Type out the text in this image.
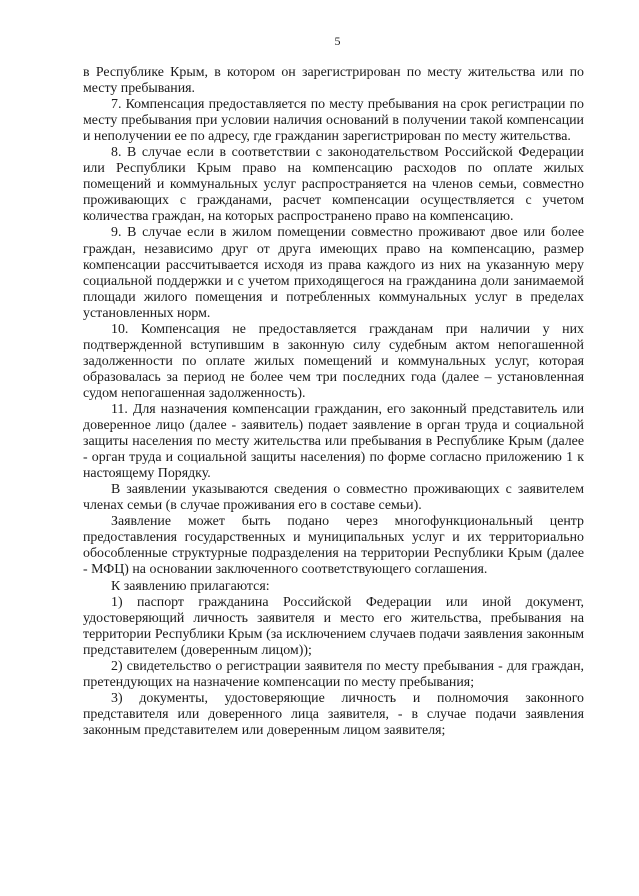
5

в Республике Крым, в котором он зарегистрирован по месту жительства или по месту пребывания.

7. Компенсация предоставляется по месту пребывания на срок регистрации по месту пребывания при условии наличия оснований в получении такой компенсации и неполучении ее по адресу, где гражданин зарегистрирован по месту жительства.

8. В случае если в соответствии с законодательством Российской Федерации или Республики Крым право на компенсацию расходов по оплате жилых помещений и коммунальных услуг распространяется на членов семьи, совместно проживающих с гражданами, расчет компенсации осуществляется с учетом количества граждан, на которых распространено право на компенсацию.

9. В случае если в жилом помещении совместно проживают двое или более граждан, независимо друг от друга имеющих право на компенсацию, размер компенсации рассчитывается исходя из права каждого из них на указанную меру социальной поддержки и с учетом приходящегося на гражданина доли занимаемой площади жилого помещения и потребленных коммунальных услуг в пределах установленных норм.

10. Компенсация не предоставляется гражданам при наличии у них подтвержденной вступившим в законную силу судебным актом непогашенной задолженности по оплате жилых помещений и коммунальных услуг, которая образовалась за период не более чем три последних года (далее – установленная судом непогашенная задолженность).

11. Для назначения компенсации гражданин, его законный представитель или доверенное лицо (далее - заявитель) подает заявление в орган труда и социальной защиты населения по месту жительства или пребывания в Республике Крым (далее - орган труда и социальной защиты населения) по форме согласно приложению 1 к настоящему Порядку.

В заявлении указываются сведения о совместно проживающих с заявителем членах семьи (в случае проживания его в составе семьи).

Заявление может быть подано через многофункциональный центр предоставления государственных и муниципальных услуг и их территориально обособленные структурные подразделения на территории Республики Крым (далее - МФЦ) на основании заключенного соответствующего соглашения.

К заявлению прилагаются:

1) паспорт гражданина Российской Федерации или иной документ, удостоверяющий личность заявителя и место его жительства, пребывания на территории Республики Крым (за исключением случаев подачи заявления законным представителем (доверенным лицом));

2) свидетельство о регистрации заявителя по месту пребывания - для граждан, претендующих на назначение компенсации по месту пребывания;

3) документы, удостоверяющие личность и полномочия законного представителя или доверенного лица заявителя, - в случае подачи заявления законным представителем или доверенным лицом заявителя;
